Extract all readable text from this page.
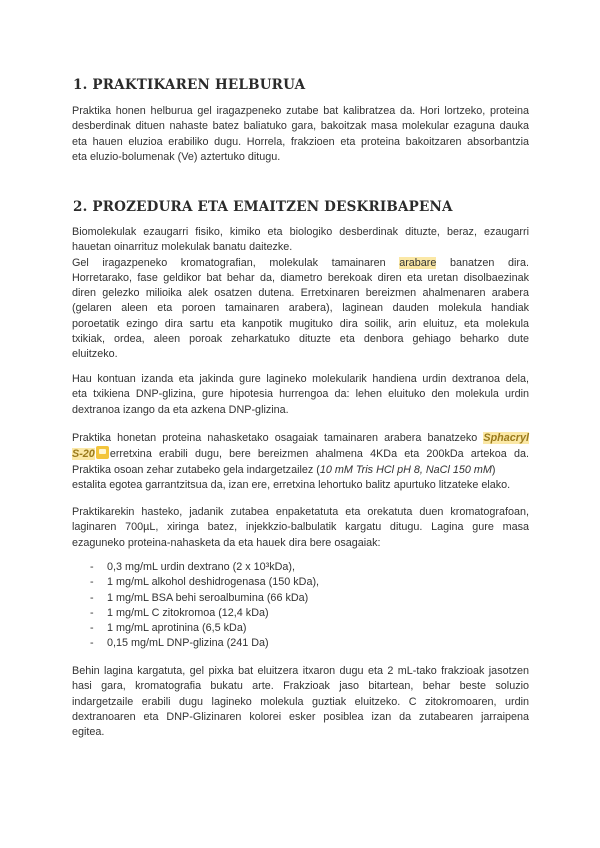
1. PRAKTIKAREN HELBURUA
Praktika honen helburua gel iragazpeneko zutabe bat kalibratzea da. Hori lortzeko, proteina
desberdinak dituen nahaste batez baliatuko gara, bakoitzak masa molekular ezaguna dauka
eta hauen eluzioa erabiliko dugu. Horrela, frakzioen eta proteina bakoitzaren absorbantzia
eta eluzio-bolumenak (Ve) aztertuko ditugu.
2. PROZEDURA ETA EMAITZEN DESKRIBAPENA
Biomolekulak ezaugarri fisiko, kimiko eta biologiko desberdinak dituzte, beraz, ezaugarri
hauetan oinarrituz molekulak banatu daitezke.
Gel iragazpeneko kromatografian, molekulak tamainaren arabare banatzen dira.
Horretarako, fase geldikor bat behar da, diametro berekoak diren eta uretan disolbaezinak
diren gelezko milioika alek osatzen dutena. Erretxinaren bereizmen ahalmenaren arabera
(gelaren aleen eta poroen tamainaren arabera), laginean dauden molekula handiak
poroetatik ezingo dira sartu eta kanpotik mugituko dira soilik, arin eluituz, eta molekula
txikiak, ordea, aleen poroak zeharkatuko dituzte eta denbora gehiago beharko dute
eluitzeko.
Hau kontuan izanda eta jakinda gure lagineko molekularik handiena urdin dextranoa dela,
eta txikiena DNP-glizina, gure hipotesia hurrengoa da: lehen eluituko den molekula urdin
dextranoa izango da eta azkena DNP-glizina.
Praktika honetan proteina nahasketako osagaiak tamainaren arabera banatzeko Sphacryl
S-20 erretxina erabili dugu, bere bereizmen ahalmena 4KDa eta 200kDa artekoa da.
Praktika osoan zehar zutabeko gela indargetzailez (10 mM Tris HCl pH 8, NaCl 150 mM)
estalita egotea garrantzitsua da, izan ere, erretxina lehortuko balitz apurtuko litzateke elako.
Praktikarekin hasteko, jadanik zutabea enpaketatuta eta orekatuta duen kromatografoan,
laginaren 700µL, xiringa batez, injekkzio-balbulatik kargatu ditugu. Lagina gure masa
ezaguneko proteina-nahasketa da eta hauek dira bere osagaiak:
- 0,3 mg/mL urdin dextrano (2 x 10³kDa),
- 1 mg/mL alkohol deshidrogenasa (150 kDa),
- 1 mg/mL BSA behi seroalbumina (66 kDa)
- 1 mg/mL C zitokromoa (12,4 kDa)
- 1 mg/mL aprotinina (6,5 kDa)
- 0,15 mg/mL DNP-glizina (241 Da)
Behin lagina kargatuta, gel pixka bat eluitzera itxaron dugu eta 2 mL-tako frakzioak jasotzen
hasi gara, kromatografia bukatu arte. Frakzioak jaso bitartean, behar beste soluzio
indargetzaile erabili dugu lagineko molekula guztiak eluitzeko. C zitokromoaren, urdin
dextranoaren eta DNP-Glizinaren kolorei esker posiblea izan da zutabearen jarraipena
egitea.
